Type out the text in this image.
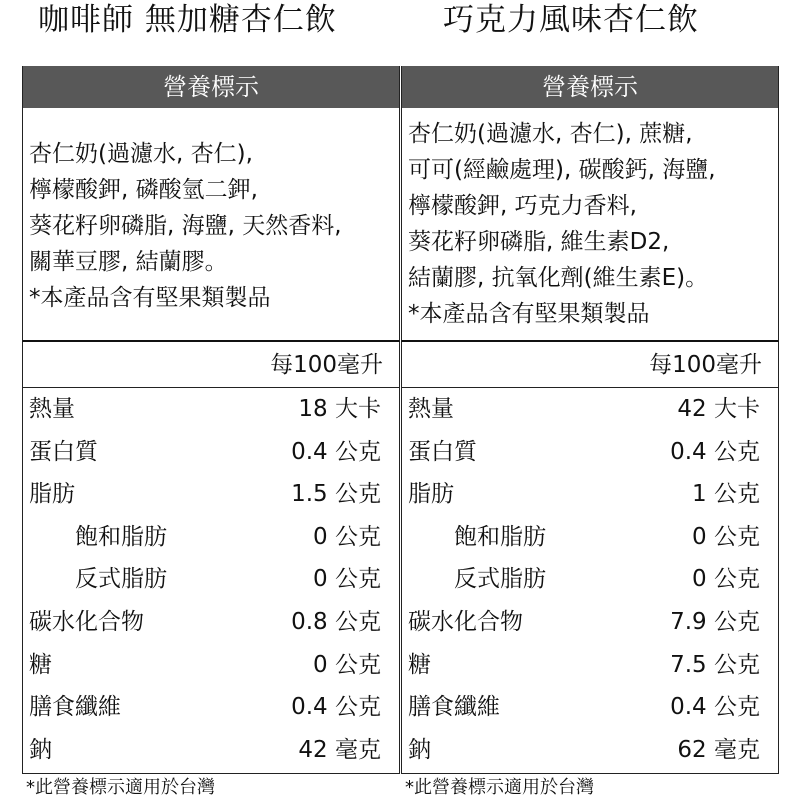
咖啡師 無加糖杏仁飲	巧克力風味杏仁飲
營養標示
杏仁奶(過濾水, 杏仁),
檸檬酸鉀, 磷酸氫二鉀,
葵花籽卵磷脂, 海鹽, 天然香料,
關華豆膠, 結蘭膠。
*本產品含有堅果類製品
每100毫升
熱量	18 大卡
蛋白質	0.4 公克
脂肪	1.5 公克
飽和脂肪	0 公克
反式脂肪	0 公克
碳水化合物	0.8 公克
糖	0 公克
膳食纖維	0.4 公克
鈉	42 毫克
營養標示
杏仁奶(過濾水, 杏仁), 蔗糖,
可可(經鹼處理), 碳酸鈣, 海鹽,
檸檬酸鉀, 巧克力香料,
葵花籽卵磷脂, 維生素D2,
結蘭膠, 抗氧化劑(維生素E)。
*本產品含有堅果類製品
每100毫升
熱量	42 大卡
蛋白質	0.4 公克
脂肪	1 公克
飽和脂肪	0 公克
反式脂肪	0 公克
碳水化合物	7.9 公克
糖	7.5 公克
膳食纖維	0.4 公克
鈉	62 毫克
*此營養標示適用於台灣	*此營養標示適用於台灣
